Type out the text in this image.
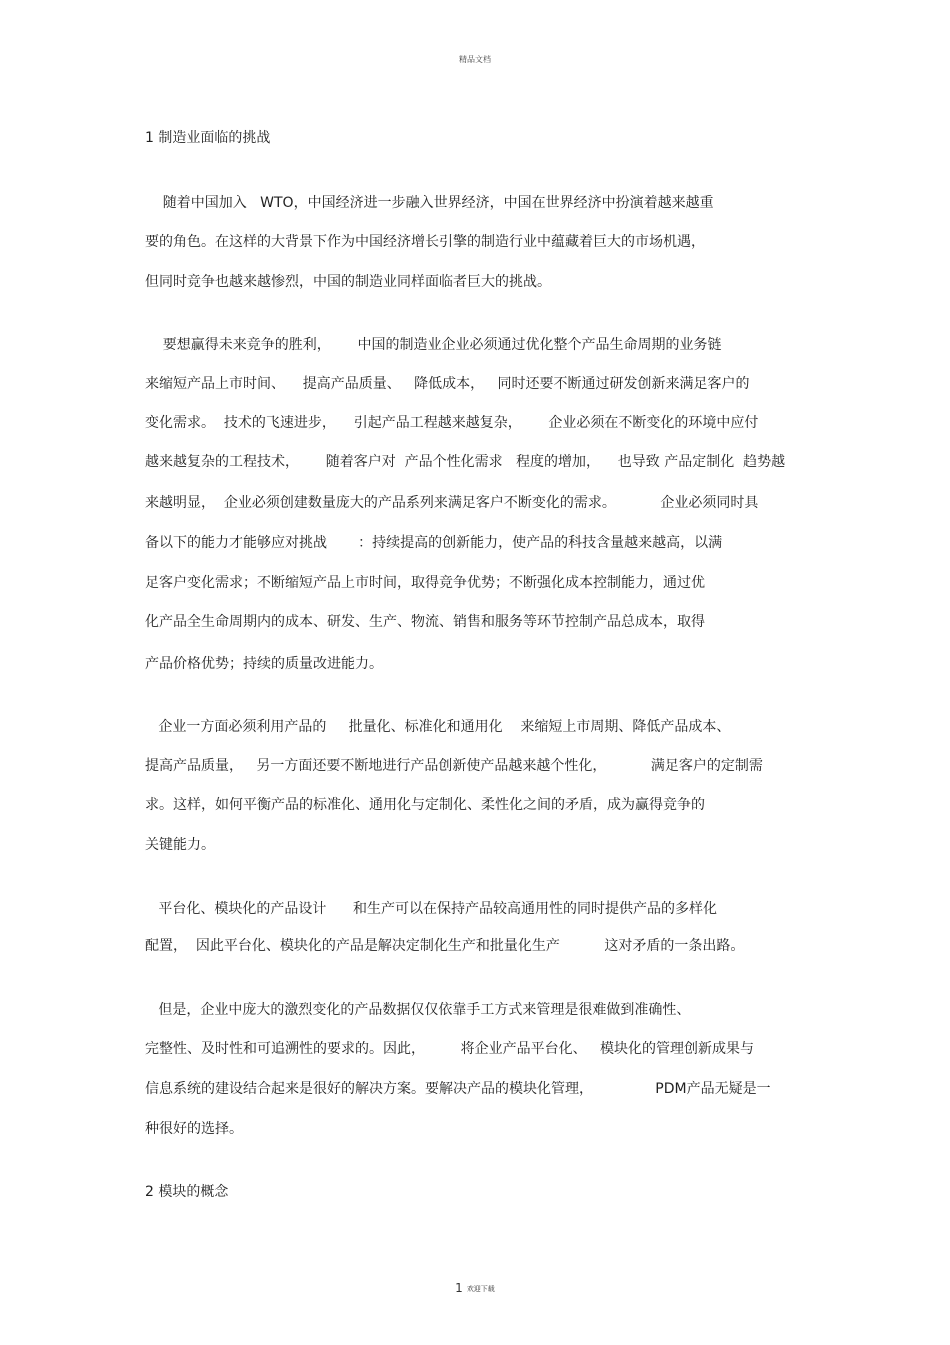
精品文档
1 制造业面临的挑战
随着中国加入   WTO，中国经济进一步融入世界经济，中国在世界经济中扮演着越来越重
要的角色。在这样的大背景下作为中国经济增长引擎的制造行业中蕴藏着巨大的市场机遇，
但同时竞争也越来越惨烈，中国的制造业同样面临者巨大的挑战。
要想赢得未来竞争的胜利，      中国的制造业企业必须通过优化整个产品生命周期的业务链
来缩短产品上市时间、    提高产品质量、   降低成本，   同时还要不断通过研发创新来满足客户的
变化需求。  技术的飞速进步，    引起产品工程越来越复杂，      企业必须在不断变化的环境中应付
越来越复杂的工程技术，      随着客户对  产品个性化需求   程度的增加，    也导致 产品定制化  趋势越
来越明显，  企业必须创建数量庞大的产品系列来满足客户不断变化的需求。          企业必须同时具
备以下的能力才能够应对挑战       ：持续提高的创新能力，使产品的科技含量越来越高，以满
足客户变化需求；不断缩短产品上市时间，取得竞争优势；不断强化成本控制能力，通过优
化产品全生命周期内的成本、研发、生产、物流、销售和服务等环节控制产品总成本，取得
产品价格优势；持续的质量改进能力。
企业一方面必须利用产品的     批量化、标准化和通用化    来缩短上市周期、降低产品成本、
提高产品质量，   另一方面还要不断地进行产品创新使产品越来越个性化，          满足客户的定制需
求。这样，如何平衡产品的标准化、通用化与定制化、柔性化之间的矛盾，成为赢得竞争的
关键能力。
平台化、模块化的产品设计      和生产可以在保持产品较高通用性的同时提供产品的多样化
配置，  因此平台化、模块化的产品是解决定制化生产和批量化生产          这对矛盾的一条出路。
但是，企业中庞大的激烈变化的产品数据仅仅依靠手工方式来管理是很难做到准确性、
完整性、及时性和可追溯性的要求的。因此，        将企业产品平台化、   模块化的管理创新成果与
信息系统的建设结合起来是很好的解决方案。要解决产品的模块化管理，              PDM产品无疑是一
种很好的选择。
2 模块的概念
1 欢迎下载
